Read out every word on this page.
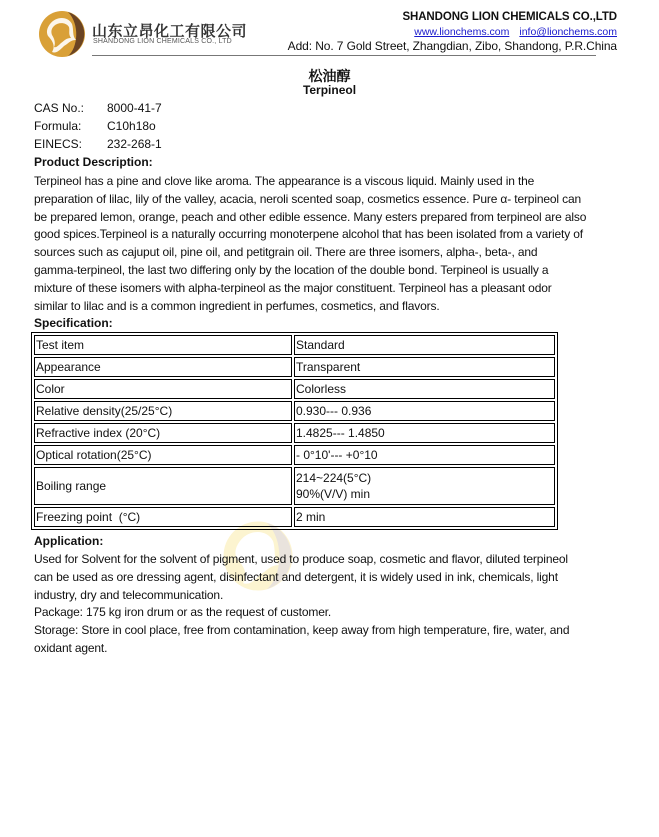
山东立昂化工有限公司
SHANDONG LION CHEMICALS CO., LTD
SHANDONG LION CHEMICALS CO.,LTD
www.lionchems.com info@lionchems.com
Add: No. 7 Gold Street, Zhangdian, Zibo, Shandong, P.R.China
松油醇
Terpineol
CAS No.: 8000-41-7
Formula: C10h18o
EINECS: 232-268-1
Product Description:
Terpineol has a pine and clove like aroma. The appearance is a viscous liquid. Mainly used in the
preparation of lilac, lily of the valley, acacia, neroli scented soap, cosmetics essence. Pure α- terpineol can
be prepared lemon, orange, peach and other edible essence. Many esters prepared from terpineol are also
good spices.Terpineol is a naturally occurring monoterpene alcohol that has been isolated from a variety of
sources such as cajuput oil, pine oil, and petitgrain oil. There are three isomers, alpha-, beta-, and
gamma-terpineol, the last two differing only by the location of the double bond. Terpineol is usually a
mixture of these isomers with alpha-terpineol as the major constituent. Terpineol has a pleasant odor
similar to lilac and is a common ingredient in perfumes, cosmetics, and flavors.
Specification:
Test item	Standard
Appearance	Transparent
Color	Colorless
Relative density(25/25°C)	0.930--- 0.936
Refractive index (20°C)	1.4825--- 1.4850
Optical rotation(25°C)	- 0°10'--- +0°10
Boiling range	214~224(5°C)
90%(V/V) min

Freezing point  (°C)	2 min
Application:
Used for Solvent for the solvent of pigment, used to produce soap, cosmetic and flavor, diluted terpineol
can be used as ore dressing agent, disinfectant and detergent, it is widely used in ink, chemicals, light
industry, dry and telecommunication.
Package: 175 kg iron drum or as the request of customer.
Storage: Store in cool place, free from contamination, keep away from high temperature, fire, water, and
oxidant agent.
